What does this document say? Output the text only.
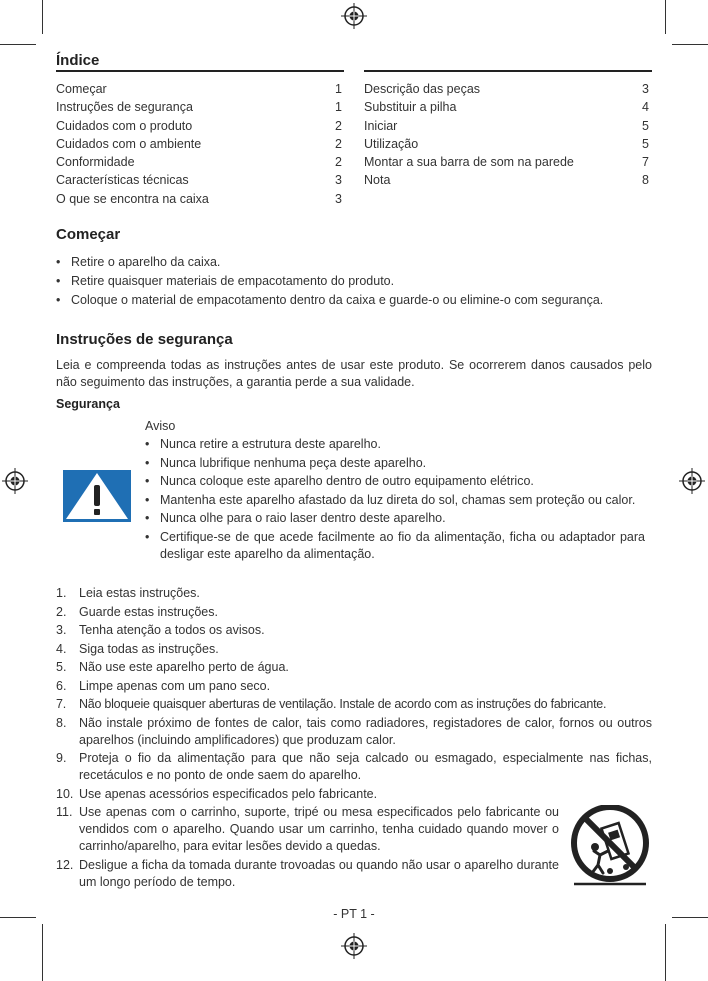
Índice
Começar	1
Instruções de segurança	1
Cuidados com o produto	2
Cuidados com o ambiente	2
Conformidade	2
Características técnicas	3
O que se encontra na caixa	3
Descrição das peças	3
Substituir a pilha	4
Iniciar	5
Utilização	5
Montar a sua barra de som na parede	7
Nota	8
Começar
• Retire o aparelho da caixa.
• Retire quaisquer materiais de empacotamento do produto.
• Coloque o material de empacotamento dentro da caixa e guarde-o ou elimine-o com segurança.
Instruções de segurança

Leia e compreenda todas as instruções antes de usar este produto. Se ocorrerem danos causados pelo não seguimento das instruções, a garantia perde a sua validade.

Segurança
Aviso
• Nunca retire a estrutura deste aparelho.
• Nunca lubrifique nenhuma peça deste aparelho.
• Nunca coloque este aparelho dentro de outro equipamento elétrico.
• Mantenha este aparelho afastado da luz direta do sol, chamas sem proteção ou calor.
• Nunca olhe para o raio laser dentro deste aparelho.
• Certifique-se de que acede facilmente ao fio da alimentação, ficha ou adaptador para desligar este aparelho da alimentação.
1. Leia estas instruções.
2. Guarde estas instruções.
3. Tenha atenção a todos os avisos.
4. Siga todas as instruções.
5. Não use este aparelho perto de água.
6. Limpe apenas com um pano seco.
7. Não bloqueie quaisquer aberturas de ventilação. Instale de acordo com as instruções do fabricante.
8. Não instale próximo de fontes de calor, tais como radiadores, registadores de calor, fornos ou outros aparelhos (incluindo amplificadores) que produzam calor.
9. Proteja o fio da alimentação para que não seja calcado ou esmagado, especialmente nas fichas, recetáculos e no ponto de onde saem do aparelho.
10. Use apenas acessórios especificados pelo fabricante.
11. Use apenas com o carrinho, suporte, tripé ou mesa especificados pelo fabricante ou vendidos com o aparelho. Quando usar um carrinho, tenha cuidado quando mover o carrinho/aparelho, para evitar lesões devido a quedas.
12. Desligue a ficha da tomada durante trovoadas ou quando não usar o aparelho durante um longo período de tempo.
- PT 1 -
